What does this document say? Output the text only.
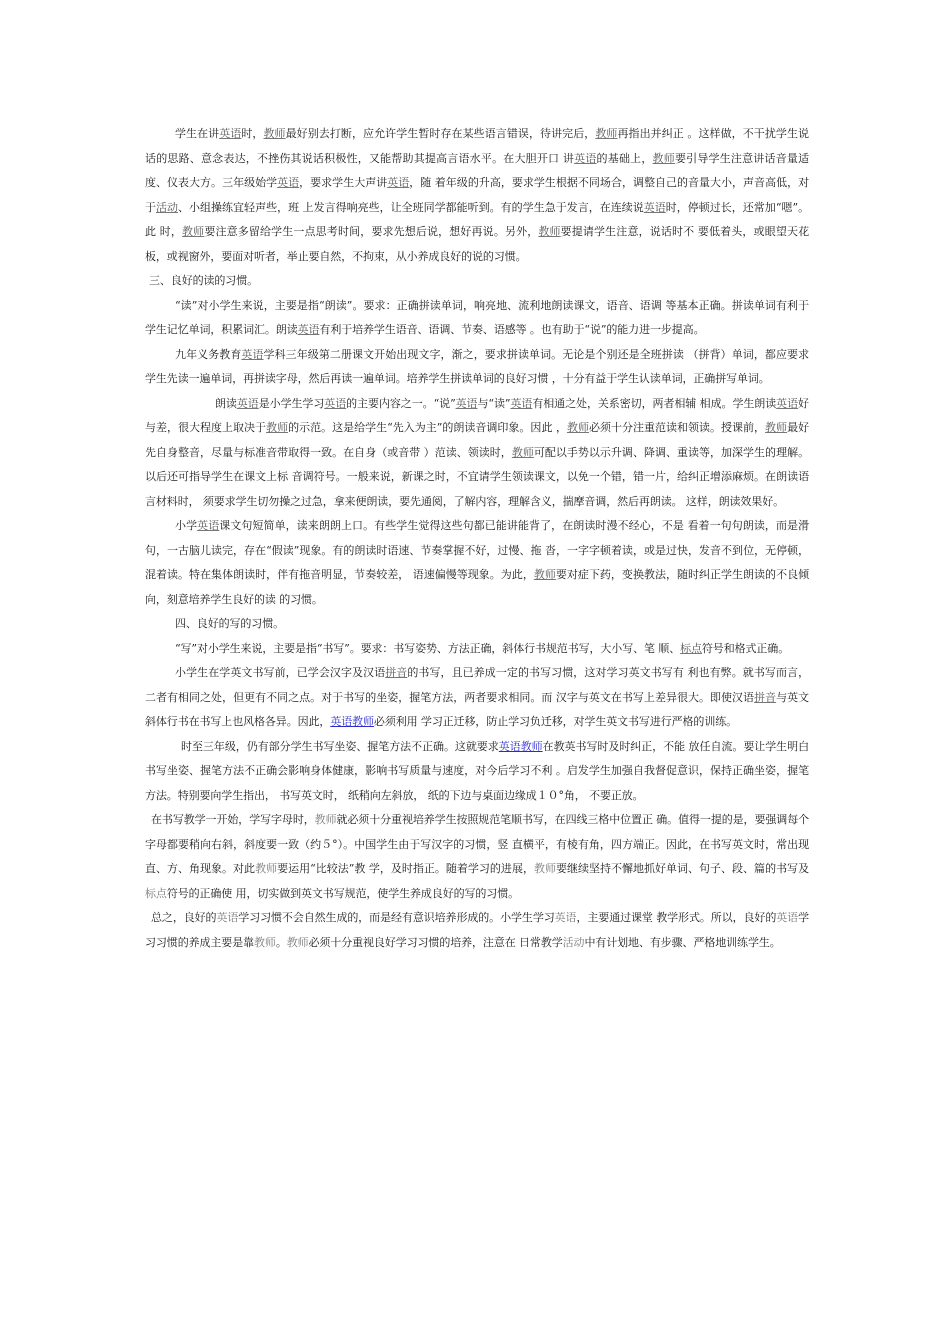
学生在讲英语时，教师最好别去打断，应允许学生暂时存在某些语言错误，待讲完后，教师再指出并纠正 。这样做，不干扰学生说话的思路、意念表达，不挫伤其说话积极性，又能帮助其提高言语水平。在大胆开口 讲英语的基础上，教师要引导学生注意讲话音量适度、仪表大方。三年级始学英语，要求学生大声讲英语，随 着年级的升高，要求学生根据不同场合，调整自己的音量大小，声音高低，对于活动、小组操练宜轻声些，班 上发言得响亮些，让全班同学都能听到。有的学生急于发言，在连续说英语时，停顿过长，还常加“嗯”。此 时，教师要注意多留给学生一点思考时间，要求先想后说，想好再说。另外，教师要提请学生注意，说话时不 要低着头，或眼望天花板，或视窗外，要面对听者，举止要自然，不拘束，从小养成良好的说的习惯。

三、良好的读的习惯。

“读”对小学生来说，主要是指“朗读”。要求：正确拼读单词，响亮地、流利地朗读课文，语音、语调 等基本正确。拼读单词有利于学生记忆单词，积累词汇。朗读英语有利于培养学生语音、语调、节奏、语感等 。也有助于“说”的能力进一步提高。

九年义务教育英语学科三年级第二册课文开始出现文字，渐之，要求拼读单词。无论是个别还是全班拼读 （拼背）单词，都应要求学生先读一遍单词，再拼读字母，然后再读一遍单词。培养学生拼读单词的良好习惯 ，十分有益于学生认读单词，正确拼写单词。

朗读英语是小学生学习英语的主要内容之一。“说”英语与“读”英语有相通之处，关系密切，两者相辅 相成。学生朗读英语好与差，很大程度上取决于教师的示范。这是给学生“先入为主”的朗读音调印象。因此 ，教师必须十分注重范读和领读。授课前，教师最好先自身整音，尽量与标准音带取得一致。在自身（或音带 ）范读、领读时，教师可配以手势以示升调、降调、重读等，加深学生的理解。以后还可指导学生在课文上标 音调符号。一般来说，新课之时，不宜请学生领读课文，以免一个错，错一片，给纠正增添麻烦。在朗读语言材料时， 须要求学生切勿操之过急，拿来便朗读，要先通阅，了解内容，理解含义，揣摩音调，然后再朗读。 这样，朗读效果好。

小学英语课文句短简单，读来朗朗上口。有些学生觉得这些句都已能讲能背了，在朗读时漫不经心，不是 看着一句句朗读，而是滑句，一古脑儿读完，存在“假读”现象。有的朗读时语速、节奏掌握不好，过慢、拖 沓，一字字顿着读，或是过快，发音不到位，无停顿，混着读。特在集体朗读时，伴有拖音明显，节奏较差， 语速偏慢等现象。为此，教师要对症下药，变换教法，随时纠正学生朗读的不良倾向，刻意培养学生良好的读 的习惯。

四、良好的写的习惯。

“写”对小学生来说，主要是指“书写”。要求：书写姿势、方法正确，斜体行书规范书写，大小写、笔 顺、标点符号和格式正确。

小学生在学英文书写前，已学会汉字及汉语拼音的书写，且已养成一定的书写习惯，这对学习英文书写有 利也有弊。就书写而言，二者有相同之处，但更有不同之点。对于书写的坐姿，握笔方法，两者要求相同。而 汉字与英文在书写上差异很大。即使汉语拼音与英文斜体行书在书写上也风格各异。因此，英语教师必须利用 学习正迁移，防止学习负迁移，对学生英文书写进行严格的训练。

时至三年级，仍有部分学生书写坐姿、握笔方法不正确。这就要求英语教师在教英书写时及时纠正，不能 放任自流。要让学生明白书写坐姿、握笔方法不正确会影响身体健康，影响书写质量与速度，对今后学习不利 。启发学生加强自我督促意识，保持正确坐姿，握笔方法。特别要向学生指出， 书写英文时， 纸稍向左斜放， 纸的下边与桌面边缘成１０°角， 不要正放。

在书写教学一开始，学写字母时，教师就必须十分重视培养学生按照规范笔顺书写，在四线三格中位置正 确。值得一提的是，要强调每个字母都要稍向右斜，斜度要一致（约５°）。中国学生由于写汉字的习惯，竖 直横平，有棱有角，四方端正。因此，在书写英文时，常出现直、方、角现象。对此教师要运用“比较法”教 学，及时指正。随着学习的进展，教师要继续坚持不懈地抓好单词、句子、段、篇的书写及标点符号的正确使 用，切实做到英文书写规范，使学生养成良好的写的习惯。

总之，良好的英语学习习惯不会自然生成的，而是经有意识培养形成的。小学生学习英语，主要通过课堂 教学形式。所以，良好的英语学习习惯的养成主要是靠教师。教师必须十分重视良好学习习惯的培养，注意在 日常教学活动中有计划地、有步骤、严格地训练学生。
